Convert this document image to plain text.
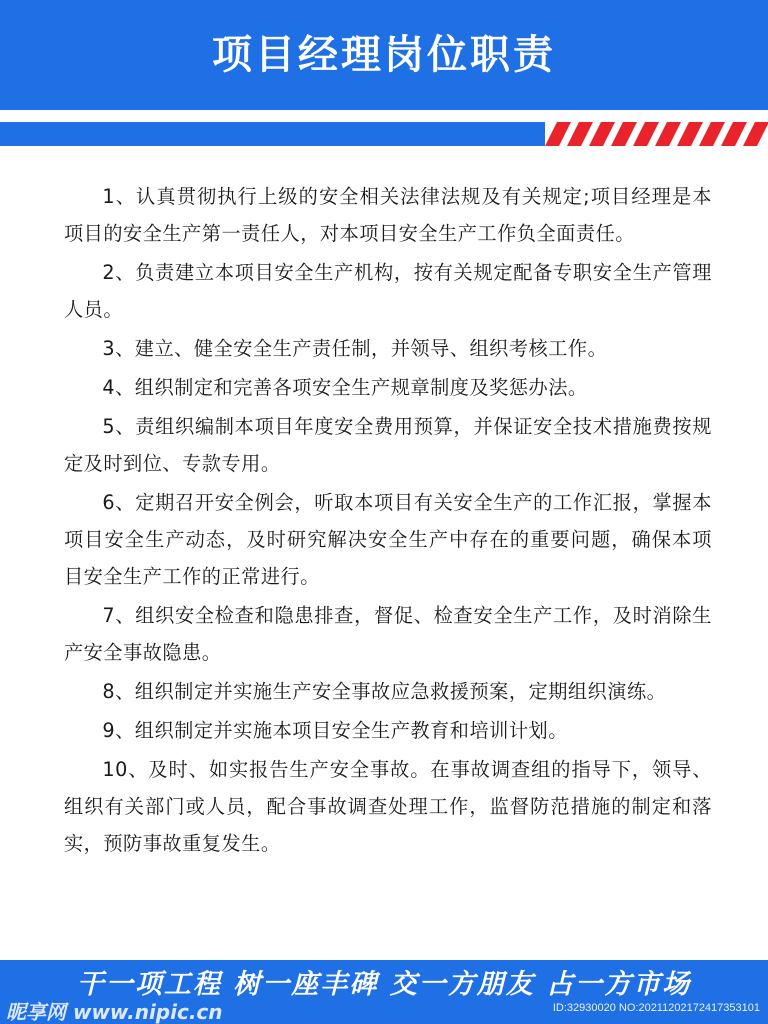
项目经理岗位职责

1、认真贯彻执行上级的安全相关法律法规及有关规定;项目经理是本项目的安全生产第一责任人，对本项目安全生产工作负全面责任。

2、负责建立本项目安全生产机构，按有关规定配备专职安全生产管理人员。

3、建立、健全安全生产责任制，并领导、组织考核工作。

4、组织制定和完善各项安全生产规章制度及奖惩办法。

5、责组织编制本项目年度安全费用预算，并保证安全技术措施费按规定及时到位、专款专用。

6、定期召开安全例会，听取本项目有关安全生产的工作汇报，掌握本项目安全生产动态，及时研究解决安全生产中存在的重要问题，确保本项目安全生产工作的正常进行。

7、组织安全检查和隐患排查，督促、检查安全生产工作，及时消除生产安全事故隐患。

8、组织制定并实施生产安全事故应急救援预案，定期组织演练。

9、组织制定并实施本项目安全生产教育和培训计划。

10、及时、如实报告生产安全事故。在事故调查组的指导下，领导、组织有关部门或人员，配合事故调查处理工作，监督防范措施的制定和落实，预防事故重复发生。

干一项工程 树一座丰碑 交一方朋友 占一方市场
昵享网 www.nipic.cn	ID:32930020 NO:20211202172417353101
